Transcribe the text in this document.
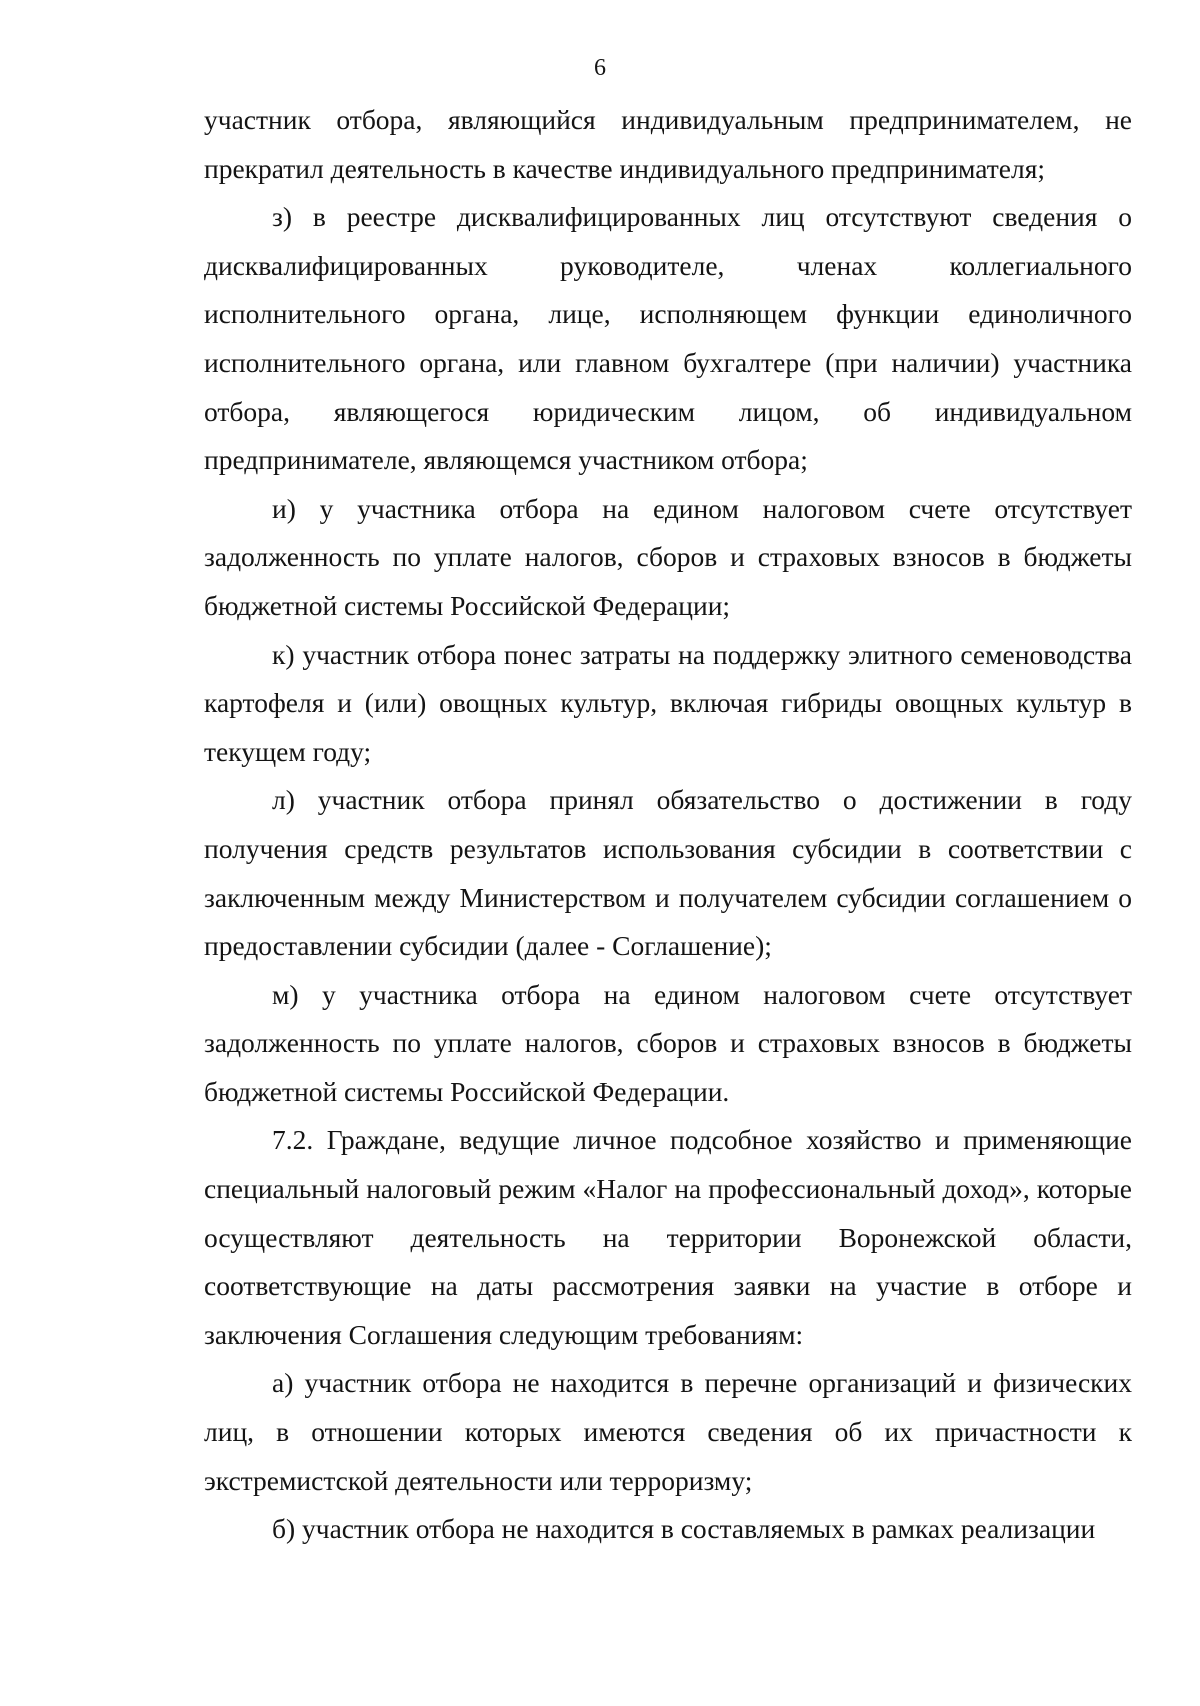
6

участник отбора, являющийся индивидуальным предпринимателем, не прекратил деятельность в качестве индивидуального предпринимателя;

з) в реестре дисквалифицированных лиц отсутствуют сведения о дисквалифицированных руководителе, членах коллегиального исполнительного органа, лице, исполняющем функции единоличного исполнительного органа, или главном бухгалтере (при наличии) участника отбора, являющегося юридическим лицом, об индивидуальном предпринимателе, являющемся участником отбора;

и) у участника отбора на едином налоговом счете отсутствует задолженность по уплате налогов, сборов и страховых взносов в бюджеты бюджетной системы Российской Федерации;

к) участник отбора понес затраты на поддержку элитного семеноводства картофеля и (или) овощных культур, включая гибриды овощных культур в текущем году;

л) участник отбора принял обязательство о достижении в году получения средств результатов использования субсидии в соответствии с заключенным между Министерством и получателем субсидии соглашением о предоставлении субсидии (далее - Соглашение);

м) у участника отбора на едином налоговом счете отсутствует задолженность по уплате налогов, сборов и страховых взносов в бюджеты бюджетной системы Российской Федерации.

7.2. Граждане, ведущие личное подсобное хозяйство и применяющие специальный налоговый режим «Налог на профессиональный доход», которые осуществляют деятельность на территории Воронежской области, соответствующие на даты рассмотрения заявки на участие в отборе и заключения Соглашения следующим требованиям:

а) участник отбора не находится в перечне организаций и физических лиц, в отношении которых имеются сведения об их причастности к экстремистской деятельности или терроризму;

б) участник отбора не находится в составляемых в рамках реализации
